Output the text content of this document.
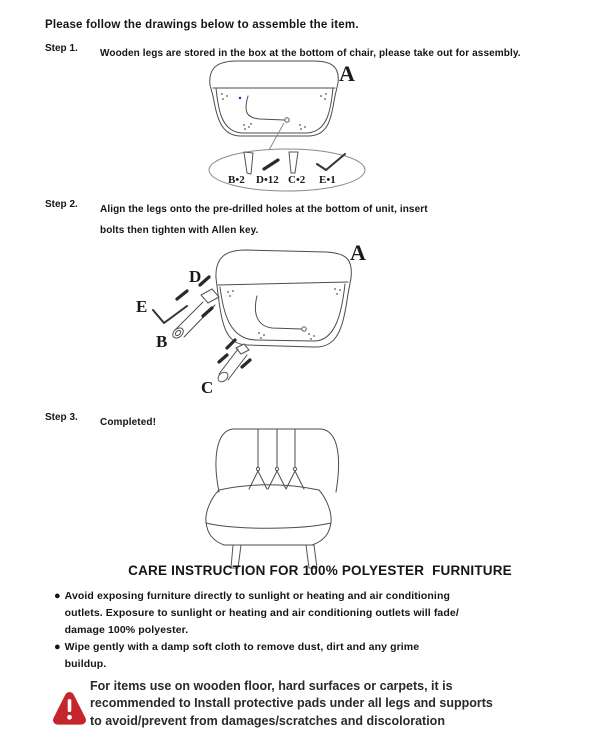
Please follow the drawings below to assemble the item.
Step 1. Wooden legs are stored in the box at the bottom of chair, please take out for assembly.
A
B•2 D•12 C•2 E•1
Step 2. Align the legs onto the pre-drilled holes at the bottom of unit, insert
bolts then tighten with Allen key.
A
D
E
B
C
Step 3. Completed!
CARE INSTRUCTION FOR 100% POLYESTER  FURNITURE
● Avoid exposing furniture directly to sunlight or heating and air conditioning
outlets. Exposure to sunlight or heating and air conditioning outlets will fade/
damage 100% polyester.
● Wipe gently with a damp soft cloth to remove dust, dirt and any grime
buildup.
For items use on wooden floor, hard surfaces or carpets, it is
recommended to Install protective pads under all legs and supports
to avoid/prevent from damages/scratches and discoloration
